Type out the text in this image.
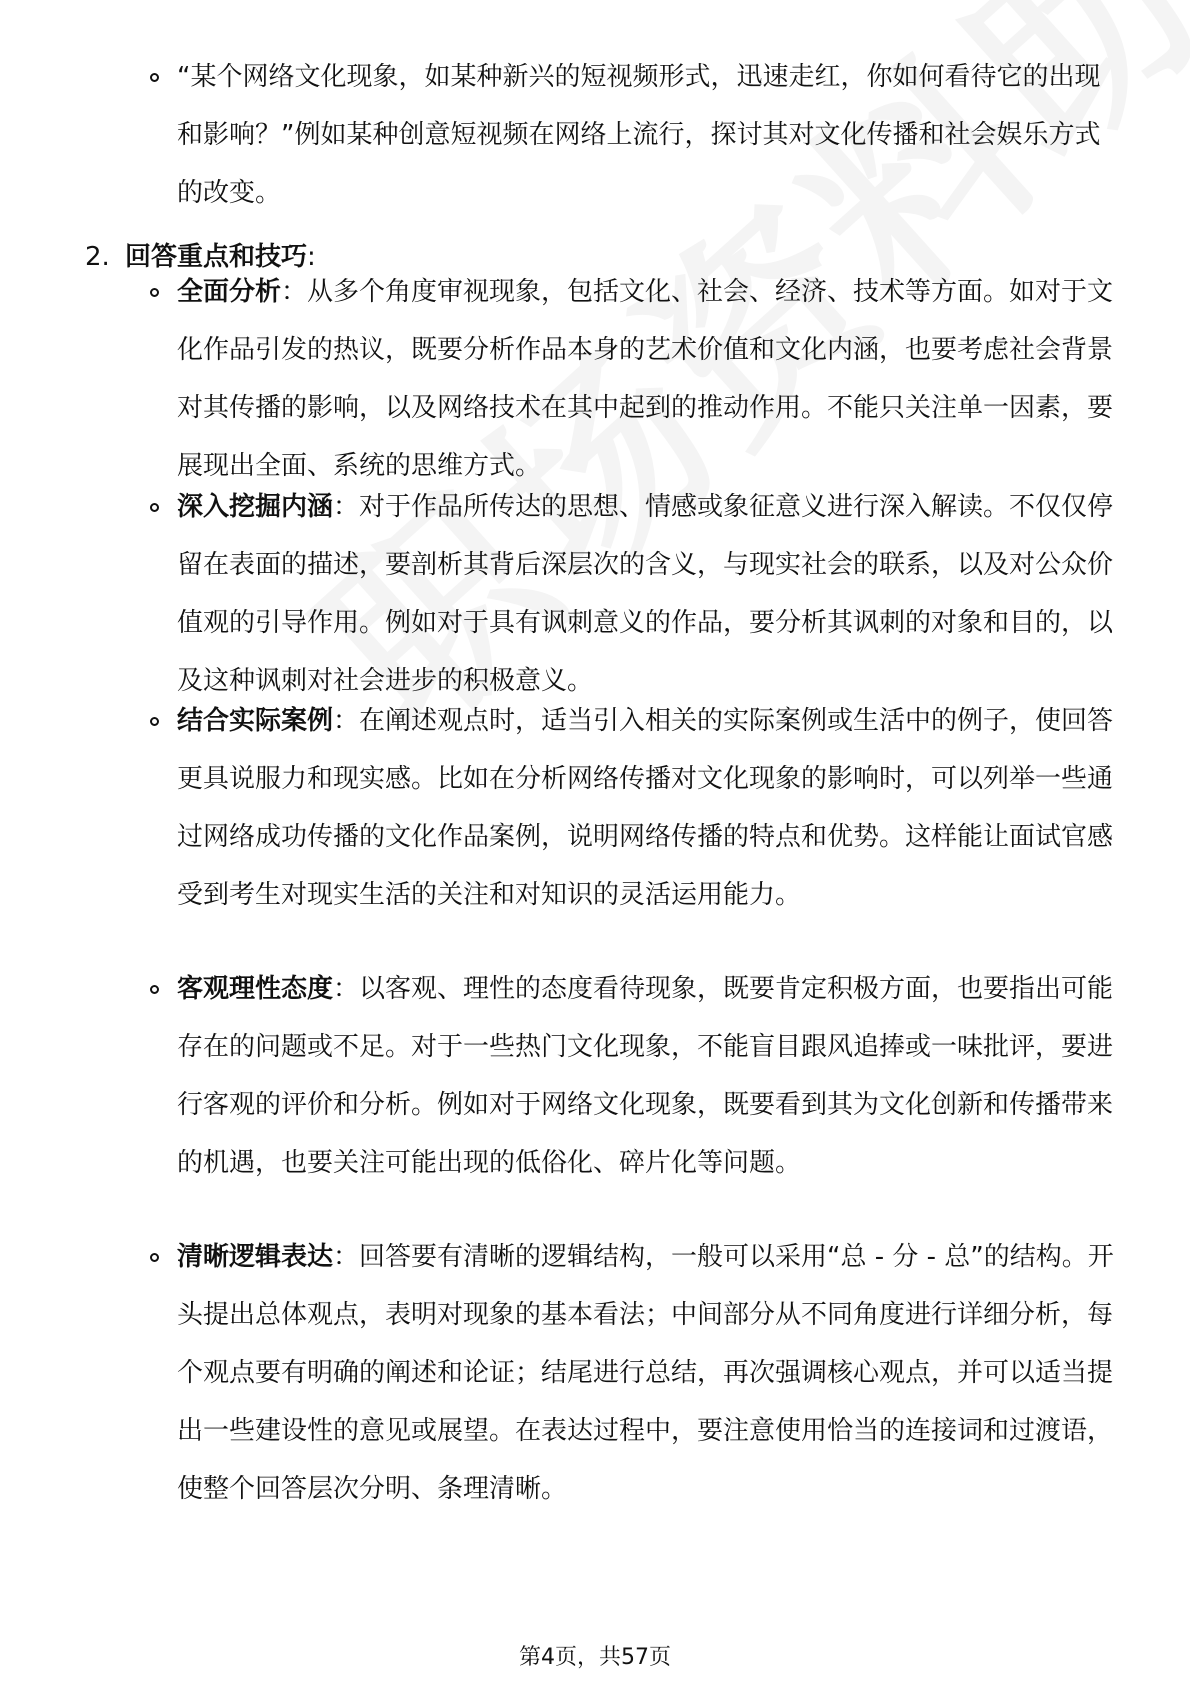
“某个网络文化现象，如某种新兴的短视频形式，迅速走红，你如何看待它的出现和影响？”例如某种创意短视频在网络上流行，探讨其对文化传播和社会娱乐方式的改变。
2. 回答重点和技巧:
全面分析：从多个角度审视现象，包括文化、社会、经济、技术等方面。如对于文化作品引发的热议，既要分析作品本身的艺术价值和文化内涵，也要考虑社会背景对其传播的影响，以及网络技术在其中起到的推动作用。不能只关注单一因素，要展现出全面、系统的思维方式。
深入挖掘内涵：对于作品所传达的思想、情感或象征意义进行深入解读。不仅仅停留在表面的描述，要剖析其背后深层次的含义，与现实社会的联系，以及对公众价值观的引导作用。例如对于具有讽刺意义的作品，要分析其讽刺的对象和目的，以及这种讽刺对社会进步的积极意义。
结合实际案例：在阐述观点时，适当引入相关的实际案例或生活中的例子，使回答更具说服力和现实感。比如在分析网络传播对文化现象的影响时，可以列举一些通过网络成功传播的文化作品案例，说明网络传播的特点和优势。这样能让面试官感受到考生对现实生活的关注和对知识的灵活运用能力。
客观理性态度：以客观、理性的态度看待现象，既要肯定积极方面，也要指出可能存在的问题或不足。对于一些热门文化现象，不能盲目跟风追捧或一味批评，要进行客观的评价和分析。例如对于网络文化现象，既要看到其为文化创新和传播带来的机遇，也要关注可能出现的低俗化、碎片化等问题。
清晰逻辑表达：回答要有清晰的逻辑结构，一般可以采用“总 - 分 - 总”的结构。开头提出总体观点，表明对现象的基本看法；中间部分从不同角度进行详细分析，每个观点要有明确的阐述和论证；结尾进行总结，再次强调核心观点，并可以适当提出一些建设性的意见或展望。在表达过程中，要注意使用恰当的连接词和过渡语，使整个回答层次分明、条理清晰。
第4页，共57页
